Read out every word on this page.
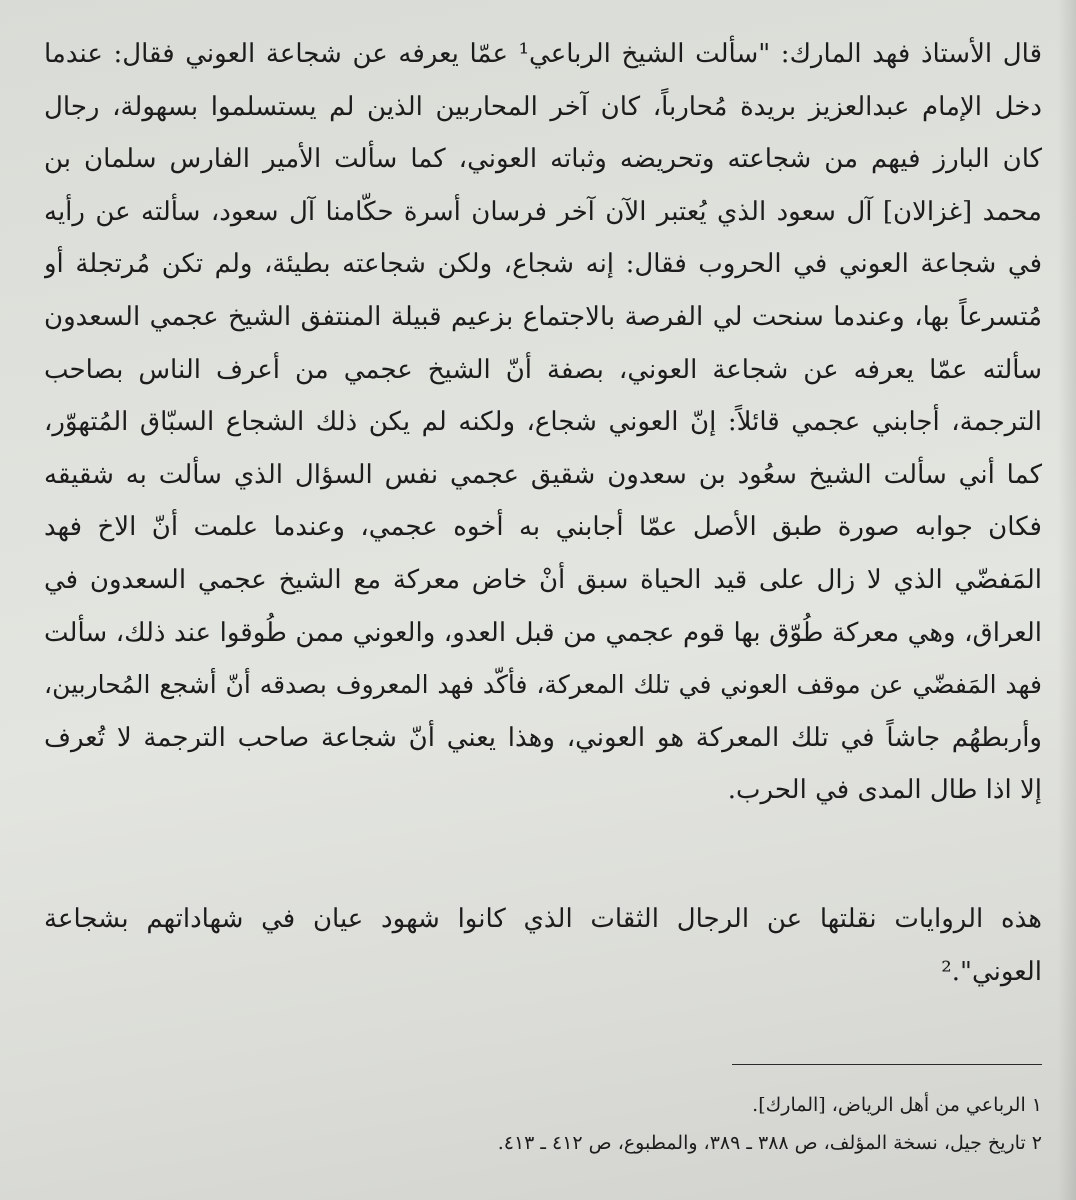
قال الأستاذ فهد المارك: "سألت الشيخ الرباعي¹ عمّا يعرفه عن شجاعة العوني فقال: عندما
دخل الإمام عبدالعزيز بريدة مُحارباً، كان آخر المحاربين الذين لم يستسلموا بسهولة، رجال
كان البارز فيهم من شجاعته وتحريضه وثباته العوني، كما سألت الأمير الفارس سلمان بن
محمد [غزالان] آل سعود الذي يُعتبر الآن آخر فرسان أسرة حكّامنا آل سعود، سألته عن رأيه
في شجاعة العوني في الحروب فقال: إنه شجاع، ولكن شجاعته بطيئة، ولم تكن مُرتجلة أو
مُتسرعاً بها، وعندما سنحت لي الفرصة بالاجتماع بزعيم قبيلة المنتفق الشيخ عجمي السعدون
سألته عمّا يعرفه عن شجاعة العوني، بصفة أنّ الشيخ عجمي من أعرف الناس بصاحب
الترجمة، أجابني عجمي قائلاً: إنّ العوني شجاع، ولكنه لم يكن ذلك الشجاع السبّاق المُتهوّر،
كما أني سألت الشيخ سعُود بن سعدون شقيق عجمي نفس السؤال الذي سألت به شقيقه
فكان جوابه صورة طبق الأصل عمّا أجابني به أخوه عجمي، وعندما علمت أنّ الاخ فهد
المَفضّي الذي لا زال على قيد الحياة سبق أنْ خاض معركة مع الشيخ عجمي السعدون في
العراق، وهي معركة طُوّق بها قوم عجمي من قبل العدو، والعوني ممن طُوقوا عند ذلك، سألت
فهد المَفضّي عن موقف العوني في تلك المعركة، فأكّد فهد المعروف بصدقه أنّ أشجع المُحاربين،
وأربطهُم جاشاً في تلك المعركة هو العوني، وهذا يعني أنّ شجاعة صاحب الترجمة لا تُعرف
إلا اذا طال المدى في الحرب.
هذه الروايات نقلتها عن الرجال الثقات الذي كانوا شهود عيان في شهاداتهم بشجاعة
العوني".²
١ الرباعي من أهل الرياض، [المارك].
٢ تاريخ جيل، نسخة المؤلف، ص ٣٨٨ ـ ٣٨٩، والمطبوع، ص ٤١٢ ـ ٤١٣.
